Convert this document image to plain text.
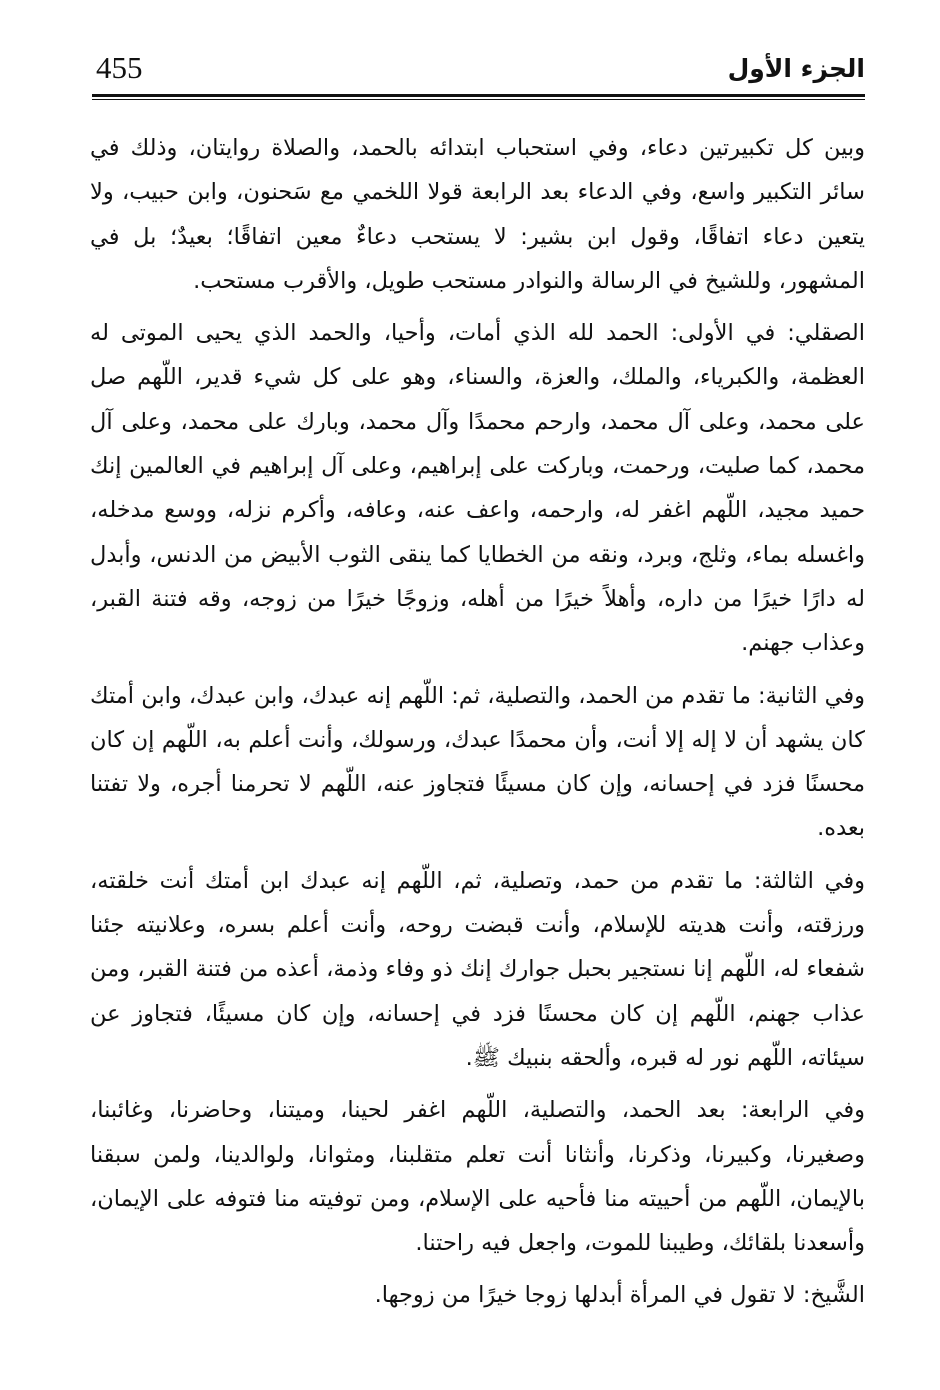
455	الجزء الأول

وبين كل تكبيرتين دعاء، وفي استحباب ابتدائه بالحمد، والصلاة روايتان، وذلك في سائر التكبير واسع، وفي الدعاء بعد الرابعة قولا اللخمي مع سَحنون، وابن حبيب، ولا يتعين دعاء اتفاقًا، وقول ابن بشير: لا يستحب دعاءٌ معين اتفاقًا؛ بعيدٌ؛ بل في المشهور، وللشيخ في الرسالة والنوادر مستحب طويل، والأقرب مستحب.

الصقلي: في الأولى: الحمد لله الذي أمات، وأحيا، والحمد الذي يحيى الموتى له العظمة، والكبرياء، والملك، والعزة، والسناء، وهو على كل شيء قدير، اللّهم صل على محمد، وعلى آل محمد، وارحم محمدًا وآل محمد، وبارك على محمد، وعلى آل محمد، كما صليت، ورحمت، وباركت على إبراهيم، وعلى آل إبراهيم في العالمين إنك حميد مجيد، اللّهم اغفر له، وارحمه، واعف عنه، وعافه، وأكرم نزله، ووسع مدخله، واغسله بماء، وثلج، وبرد، ونقه من الخطايا كما ينقى الثوب الأبيض من الدنس، وأبدل له دارًا خيرًا من داره، وأهلاً خيرًا من أهله، وزوجًا خيرًا من زوجه، وقه فتنة القبر، وعذاب جهنم.

وفي الثانية: ما تقدم من الحمد، والتصلية، ثم: اللّهم إنه عبدك، وابن عبدك، وابن أمتك كان يشهد أن لا إله إلا أنت، وأن محمدًا عبدك، ورسولك، وأنت أعلم به، اللّهم إن كان محسنًا فزد في إحسانه، وإن كان مسيئًا فتجاوز عنه، اللّهم لا تحرمنا أجره، ولا تفتنا بعده.

وفي الثالثة: ما تقدم من حمد، وتصلية، ثم، اللّهم إنه عبدك ابن أمتك أنت خلقته، ورزقته، وأنت هديته للإسلام، وأنت قبضت روحه، وأنت أعلم بسره، وعلانيته جئنا شفعاء له، اللّهم إنا نستجير بحبل جوارك إنك ذو وفاء وذمة، أعذه من فتنة القبر، ومن عذاب جهنم، اللّهم إن كان محسنًا فزد في إحسانه، وإن كان مسيئًا، فتجاوز عن سيئاته، اللّهم نور له قبره، وألحقه بنبيك ﷺ.

وفي الرابعة: بعد الحمد، والتصلية، اللّهم اغفر لحينا، وميتنا، وحاضرنا، وغائبنا، وصغيرنا، وكبيرنا، وذكرنا، وأنثانا أنت تعلم متقلبنا، ومثوانا، ولوالدينا، ولمن سبقنا بالإيمان، اللّهم من أحييته منا فأحيه على الإسلام، ومن توفيته منا فتوفه على الإيمان، وأسعدنا بلقائك، وطيبنا للموت، واجعل فيه راحتنا.

الشَّيخ: لا تقول في المرأة أبدلها زوجا خيرًا من زوجها.
